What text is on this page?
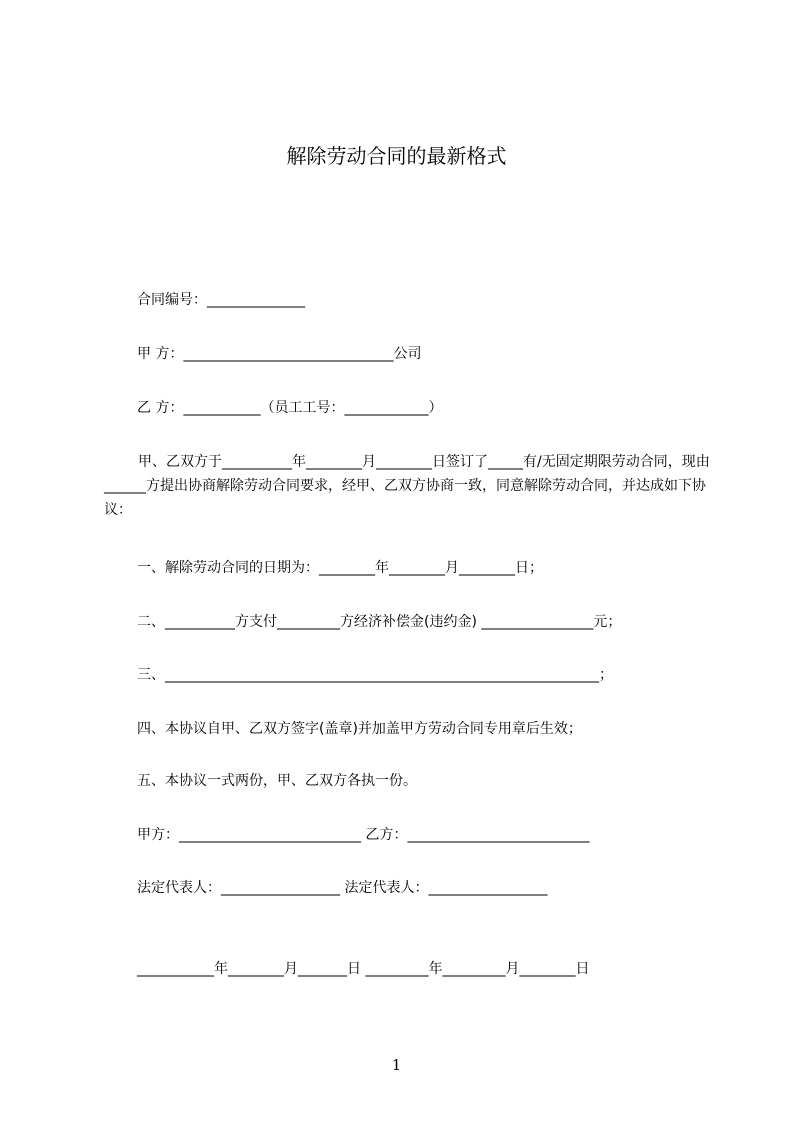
解除劳动合同的最新格式
合同编号：______________
甲 方：______________________________公司
乙 方：___________（员工工号：____________）
甲、乙双方于__________年________月________日签订了_____有/无固定期限劳动合同，现由______方提出协商解除劳动合同要求，经甲、乙双方协商一致，同意解除劳动合同，并达成如下协议：
一、解除劳动合同的日期为：________年________月________日；
二、__________方支付_________方经济补偿金(违约金) ________________元；
三、______________________________________________________________；
四、本协议自甲、乙双方签字(盖章)并加盖甲方劳动合同专用章后生效；
五、本协议一式两份，甲、乙双方各执一份。
甲方：__________________________ 乙方：__________________________
法定代表人：_________________ 法定代表人：_________________
___________年________月_______日 _________年_________月________日
1
